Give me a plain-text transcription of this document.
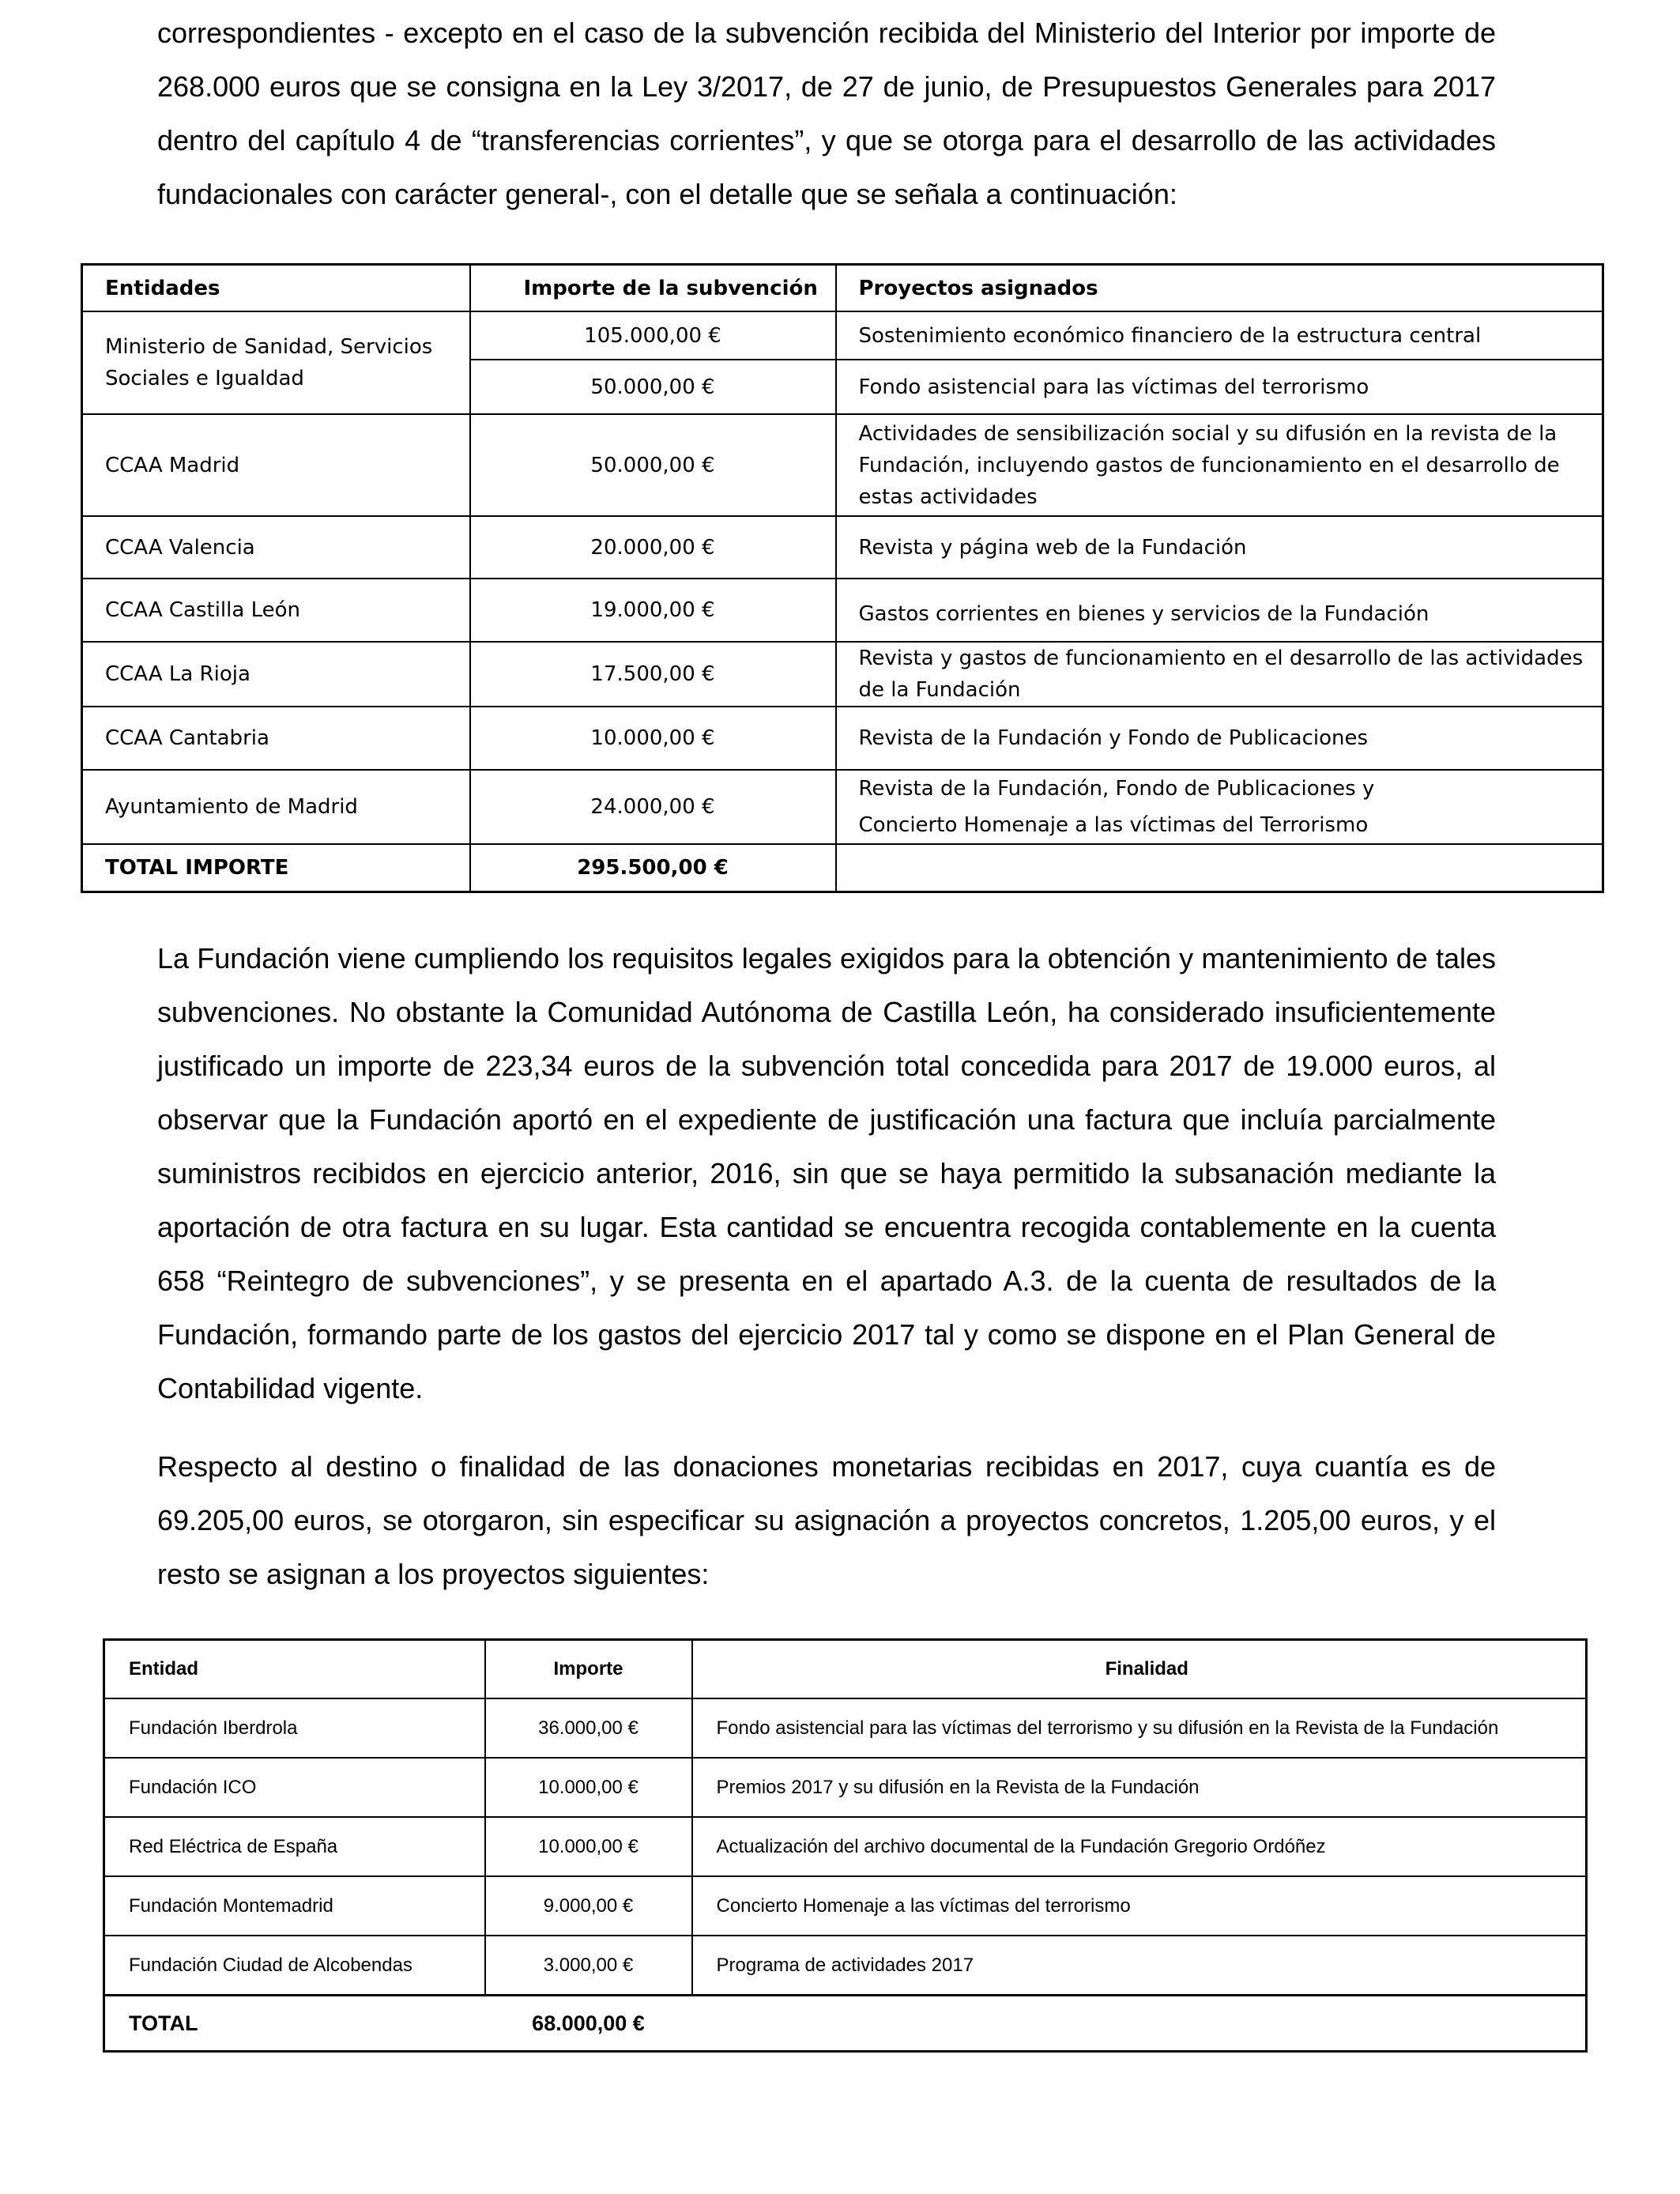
correspondientes - excepto en el caso de la subvención recibida del Ministerio del Interior por importe de 268.000 euros que se consigna en la Ley 3/2017, de 27 de junio, de Presupuestos Generales para 2017 dentro del capítulo 4 de “transferencias corrientes”, y que se otorga para el desarrollo de las actividades fundacionales con carácter general-, con el detalle que se señala a continuación:

Entidades	Importe de la subvención	Proyectos asignados
Ministerio de Sanidad, Servicios Sociales e Igualdad	105.000,00 €	Sostenimiento económico financiero de la estructura central
	50.000,00 €	Fondo asistencial para las víctimas del terrorismo
CCAA Madrid	50.000,00 €	Actividades de sensibilización social y su difusión en la revista de la Fundación, incluyendo gastos de funcionamiento en el desarrollo de estas actividades
CCAA Valencia	20.000,00 €	Revista y página web de la Fundación
CCAA Castilla León	19.000,00 €	Gastos corrientes en bienes y servicios de la Fundación
CCAA La Rioja	17.500,00 €	Revista y gastos de funcionamiento en el desarrollo de las actividades de la Fundación
CCAA Cantabria	10.000,00 €	Revista de la Fundación y Fondo de Publicaciones
Ayuntamiento de Madrid	24.000,00 €	Revista de la Fundación, Fondo de Publicaciones y
Concierto Homenaje a las víctimas del Terrorismo

TOTAL IMPORTE	295.500,00 €	

La Fundación viene cumpliendo los requisitos legales exigidos para la obtención y mantenimiento de tales subvenciones. No obstante la Comunidad Autónoma de Castilla León, ha considerado insuficientemente justificado un importe de 223,34 euros de la subvención total concedida para 2017 de 19.000 euros, al observar que la Fundación aportó en el expediente de justificación una factura que incluía parcialmente suministros recibidos en ejercicio anterior, 2016, sin que se haya permitido la subsanación mediante la aportación de otra factura en su lugar. Esta cantidad se encuentra recogida contablemente en la cuenta 658 “Reintegro de subvenciones”, y se presenta en el apartado A.3. de la cuenta de resultados de la Fundación, formando parte de los gastos del ejercicio 2017 tal y como se dispone en el Plan General de Contabilidad vigente.

Respecto al destino o finalidad de las donaciones monetarias recibidas en 2017, cuya cuantía es de 69.205,00 euros, se otorgaron, sin especificar su asignación a proyectos concretos, 1.205,00 euros, y el resto se asignan a los proyectos siguientes:

Entidad	Importe	Finalidad
Fundación Iberdrola	36.000,00 €	Fondo asistencial para las víctimas del terrorismo y su difusión en la Revista de la Fundación
Fundación ICO	10.000,00 €	Premios 2017 y su difusión en la Revista de la Fundación
Red Eléctrica de España	10.000,00 €	Actualización del archivo documental de la Fundación Gregorio Ordóñez
Fundación Montemadrid	9.000,00 €	Concierto Homenaje a las víctimas del terrorismo
Fundación Ciudad de Alcobendas	3.000,00 €	Programa de actividades 2017
TOTAL	68.000,00 €	
